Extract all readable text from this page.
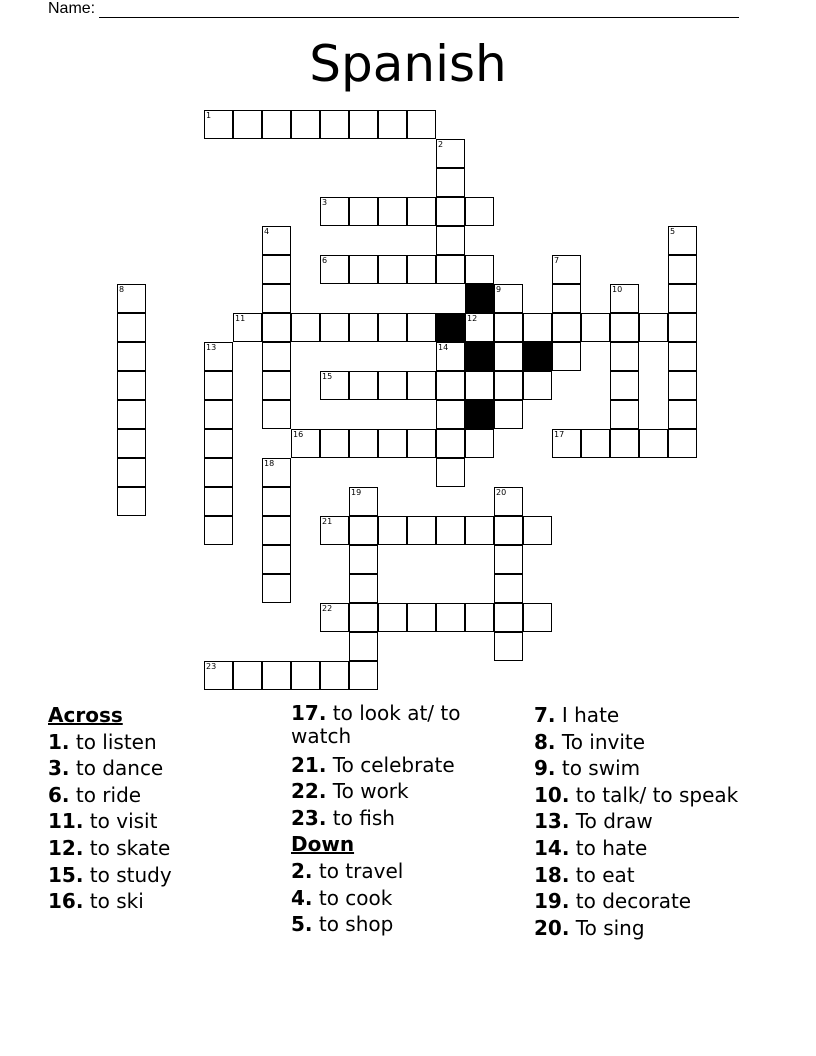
Name:
Spanish
1
2
3
4	5
6	7
8	9	10
11	12
13	14
15
16	17
18
19	20
21
22
23
Across
1. to listen
3. to dance
6. to ride
11. to visit
12. to skate
15. to study
16. to ski
17. to look at/ to watch
21. To celebrate
22. To work
23. to fish
Down
2. to travel
4. to cook
5. to shop
7. I hate
8. To invite
9. to swim
10. to talk/ to speak
13. To draw
14. to hate
18. to eat
19. to decorate
20. To sing
